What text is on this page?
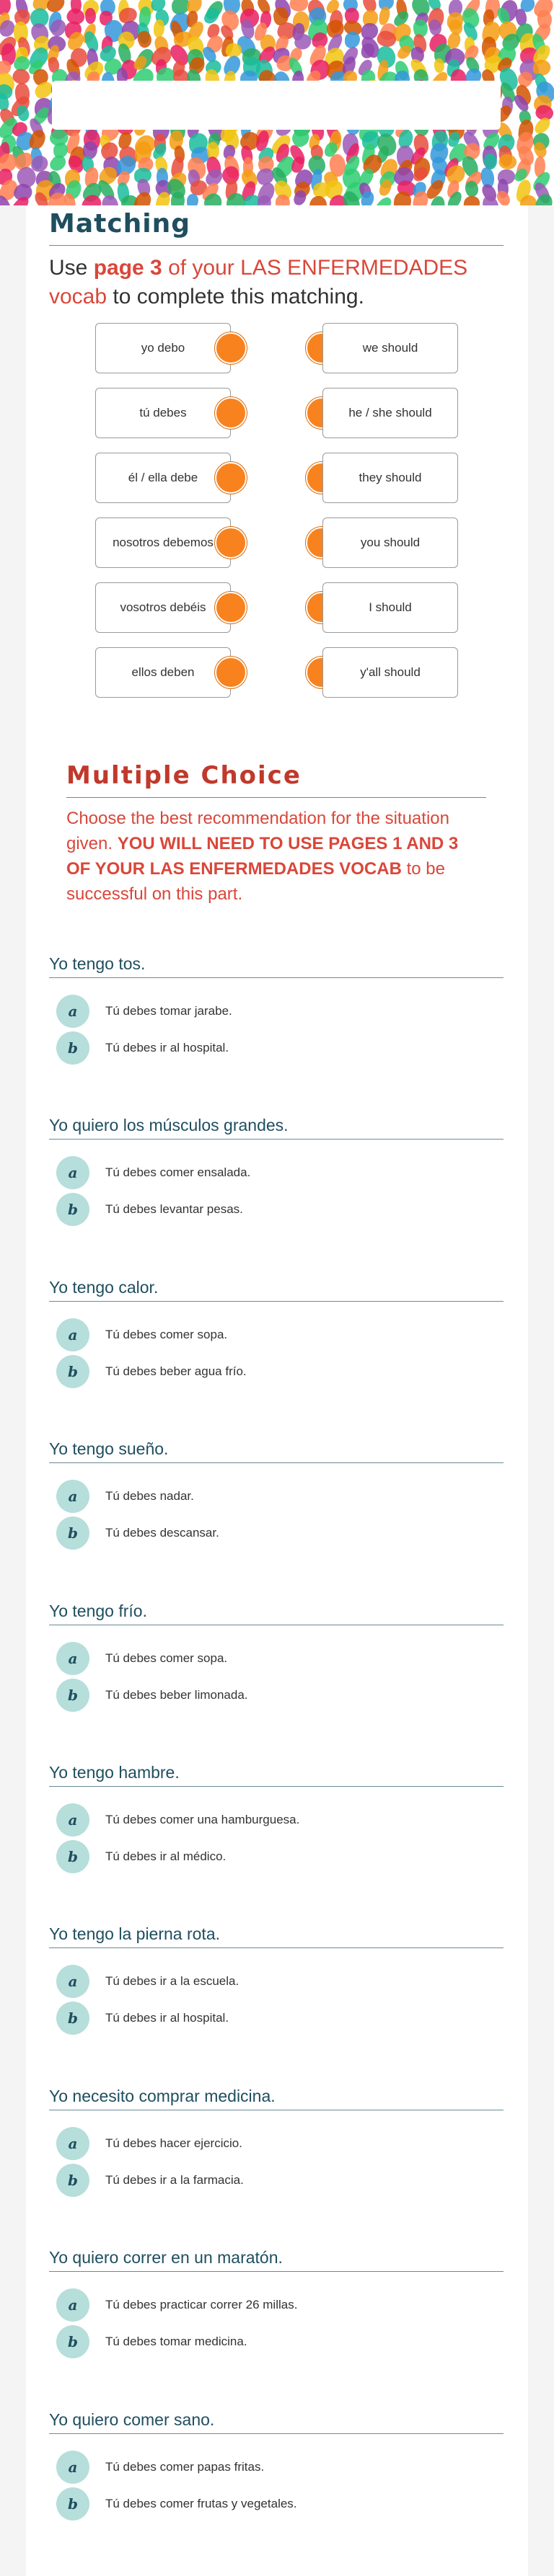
Matching
Use page 3 of your LAS ENFERMEDADES vocab to complete this matching.
yo debo	we should
tú debes	he / she should
él / ella debe	they should
nosotros debemos	you should
vosotros debéis	I should
ellos deben	y'all should
Multiple Choice
Choose the best recommendation for the situation given. YOU WILL NEED TO USE PAGES 1 AND 3 OF YOUR LAS ENFERMEDADES VOCAB to be successful on this part.
Yo tengo tos.
a	Tú debes tomar jarabe.
b	Tú debes ir al hospital.
Yo quiero los músculos grandes.
a	Tú debes comer ensalada.
b	Tú debes levantar pesas.
Yo tengo calor.
a	Tú debes comer sopa.
b	Tú debes beber agua frío.
Yo tengo sueño.
a	Tú debes nadar.
b	Tú debes descansar.
Yo tengo frío.
a	Tú debes comer sopa.
b	Tú debes beber limonada.
Yo tengo hambre.
a	Tú debes comer una hamburguesa.
b	Tú debes ir al médico.
Yo tengo la pierna rota.
a	Tú debes ir a la escuela.
b	Tú debes ir al hospital.
Yo necesito comprar medicina.
a	Tú debes hacer ejercicio.
b	Tú debes ir a la farmacia.
Yo quiero correr en un maratón.
a	Tú debes practicar correr 26 millas.
b	Tú debes tomar medicina.
Yo quiero comer sano.
a	Tú debes comer papas fritas.
b	Tú debes comer frutas y vegetales.
